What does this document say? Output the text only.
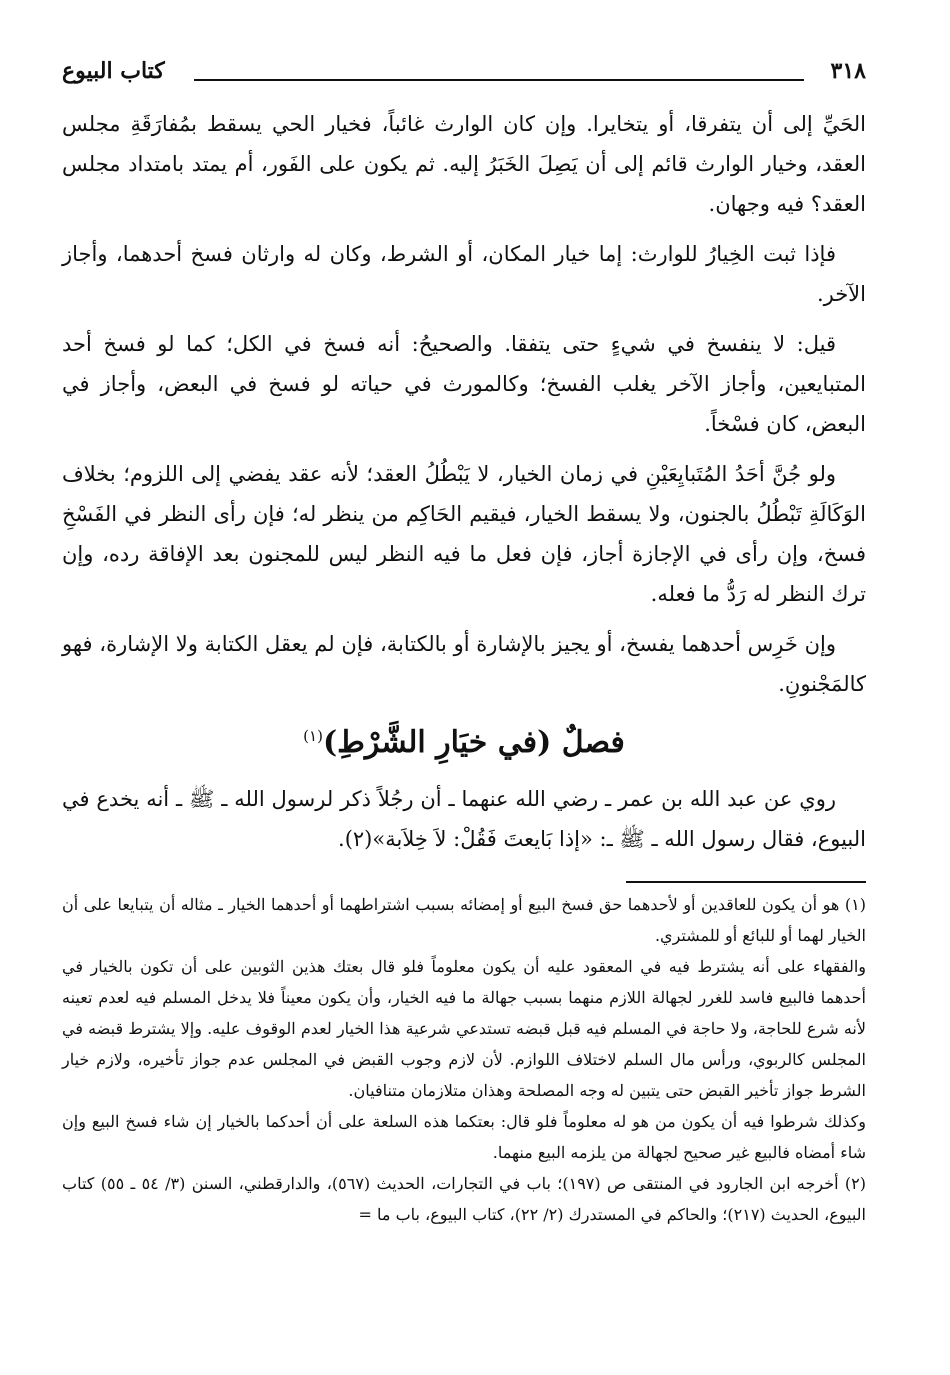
٣١٨
كتاب البيوع

الحَيِّ إلى أن يتفرقا، أو يتخايرا. وإن كان الوارث غائباً، فخيار الحي يسقط بمُفارَقَةِ مجلس العقد، وخيار الوارث قائم إلى أن يَصِلَ الخَبَرُ إليه. ثم يكون على الفَور، أم يمتد بامتداد مجلس العقد؟ فيه وجهان.

فإذا ثبت الخِيارُ للوارث: إما خيار المكان، أو الشرط، وكان له وارثان فسخ أحدهما، وأجاز الآخر.

قيل: لا ينفسخ في شيءٍ حتى يتفقا. والصحيحُ: أنه فسخ في الكل؛ كما لو فسخ أحد المتبايعين، وأجاز الآخر يغلب الفسخ؛ وكالمورث في حياته لو فسخ في البعض، وأجاز في البعض، كان فسْخاً.

ولو جُنَّ أحَدُ المُتَبايِعَيْنِ في زمان الخيار، لا يَبْطُلُ العقد؛ لأنه عقد يفضي إلى اللزوم؛ بخلاف الوَكَالَةِ تَبْطُلُ بالجنون، ولا يسقط الخيار، فيقيم الحَاكِم من ينظر له؛ فإن رأى النظر في الفَسْخِ فسخ، وإن رأى في الإجازة أجاز، فإن فعل ما فيه النظر ليس للمجنون بعد الإفاقة رده، وإن ترك النظر له رَدُّ ما فعله.

وإن خَرِس أحدهما يفسخ، أو يجيز بالإشارة أو بالكتابة، فإن لم يعقل الكتابة ولا الإشارة، فهو كالمَجْنونِ.

فصلٌ (في خيَارِ الشَّرْطِ)$^{(١)}$

روي عن عبد الله بن عمر ـ رضي الله عنهما ـ أن رجُلاً ذكر لرسول الله ـ ﷺ ـ أنه يخدع في البيوع، فقال رسول الله ـ ﷺ ـ: «إذا بَايعتَ فَقُلْ: لاَ خِلاَبة»(٢).

(١) هو أن يكون للعاقدين أو لأحدهما حق فسخ البيع أو إمضائه بسبب اشتراطهما أو أحدهما الخيار ـ مثاله أن يتبايعا على أن الخيار لهما أو للبائع أو للمشتري.

والفقهاء على أنه يشترط فيه في المعقود عليه أن يكون معلوماً فلو قال بعتك هذين الثوبين على أن تكون بالخيار في أحدهما فالبيع فاسد للغرر لجهالة اللازم منهما بسبب جهالة ما فيه الخيار، وأن يكون معيناً فلا يدخل المسلم فيه لعدم تعينه لأنه شرع للحاجة، ولا حاجة في المسلم فيه قبل قبضه تستدعي شرعية هذا الخيار لعدم الوقوف عليه. وإلا يشترط قبضه في المجلس كالربوي، ورأس مال السلم لاختلاف اللوازم. لأن لازم وجوب القبض في المجلس عدم جواز تأخيره، ولازم خيار الشرط جواز تأخير القبض حتى يتبين له وجه المصلحة وهذان متلازمان متنافيان.

وكذلك شرطوا فيه أن يكون من هو له معلوماً فلو قال: بعتكما هذه السلعة على أن أحدكما بالخيار إن شاء فسخ البيع وإن شاء أمضاه فالبيع غير صحيح لجهالة من يلزمه البيع منهما.

(٢) أخرجه ابن الجارود في المنتقى ص (١٩٧)؛ باب في التجارات، الحديث (٥٦٧)، والدارقطني، السنن (٣/ ٥٤ ـ ٥٥) كتاب البيوع، الحديث (٢١٧)؛ والحاكم في المستدرك (٢/ ٢٢)، كتاب البيوع، باب ما =
